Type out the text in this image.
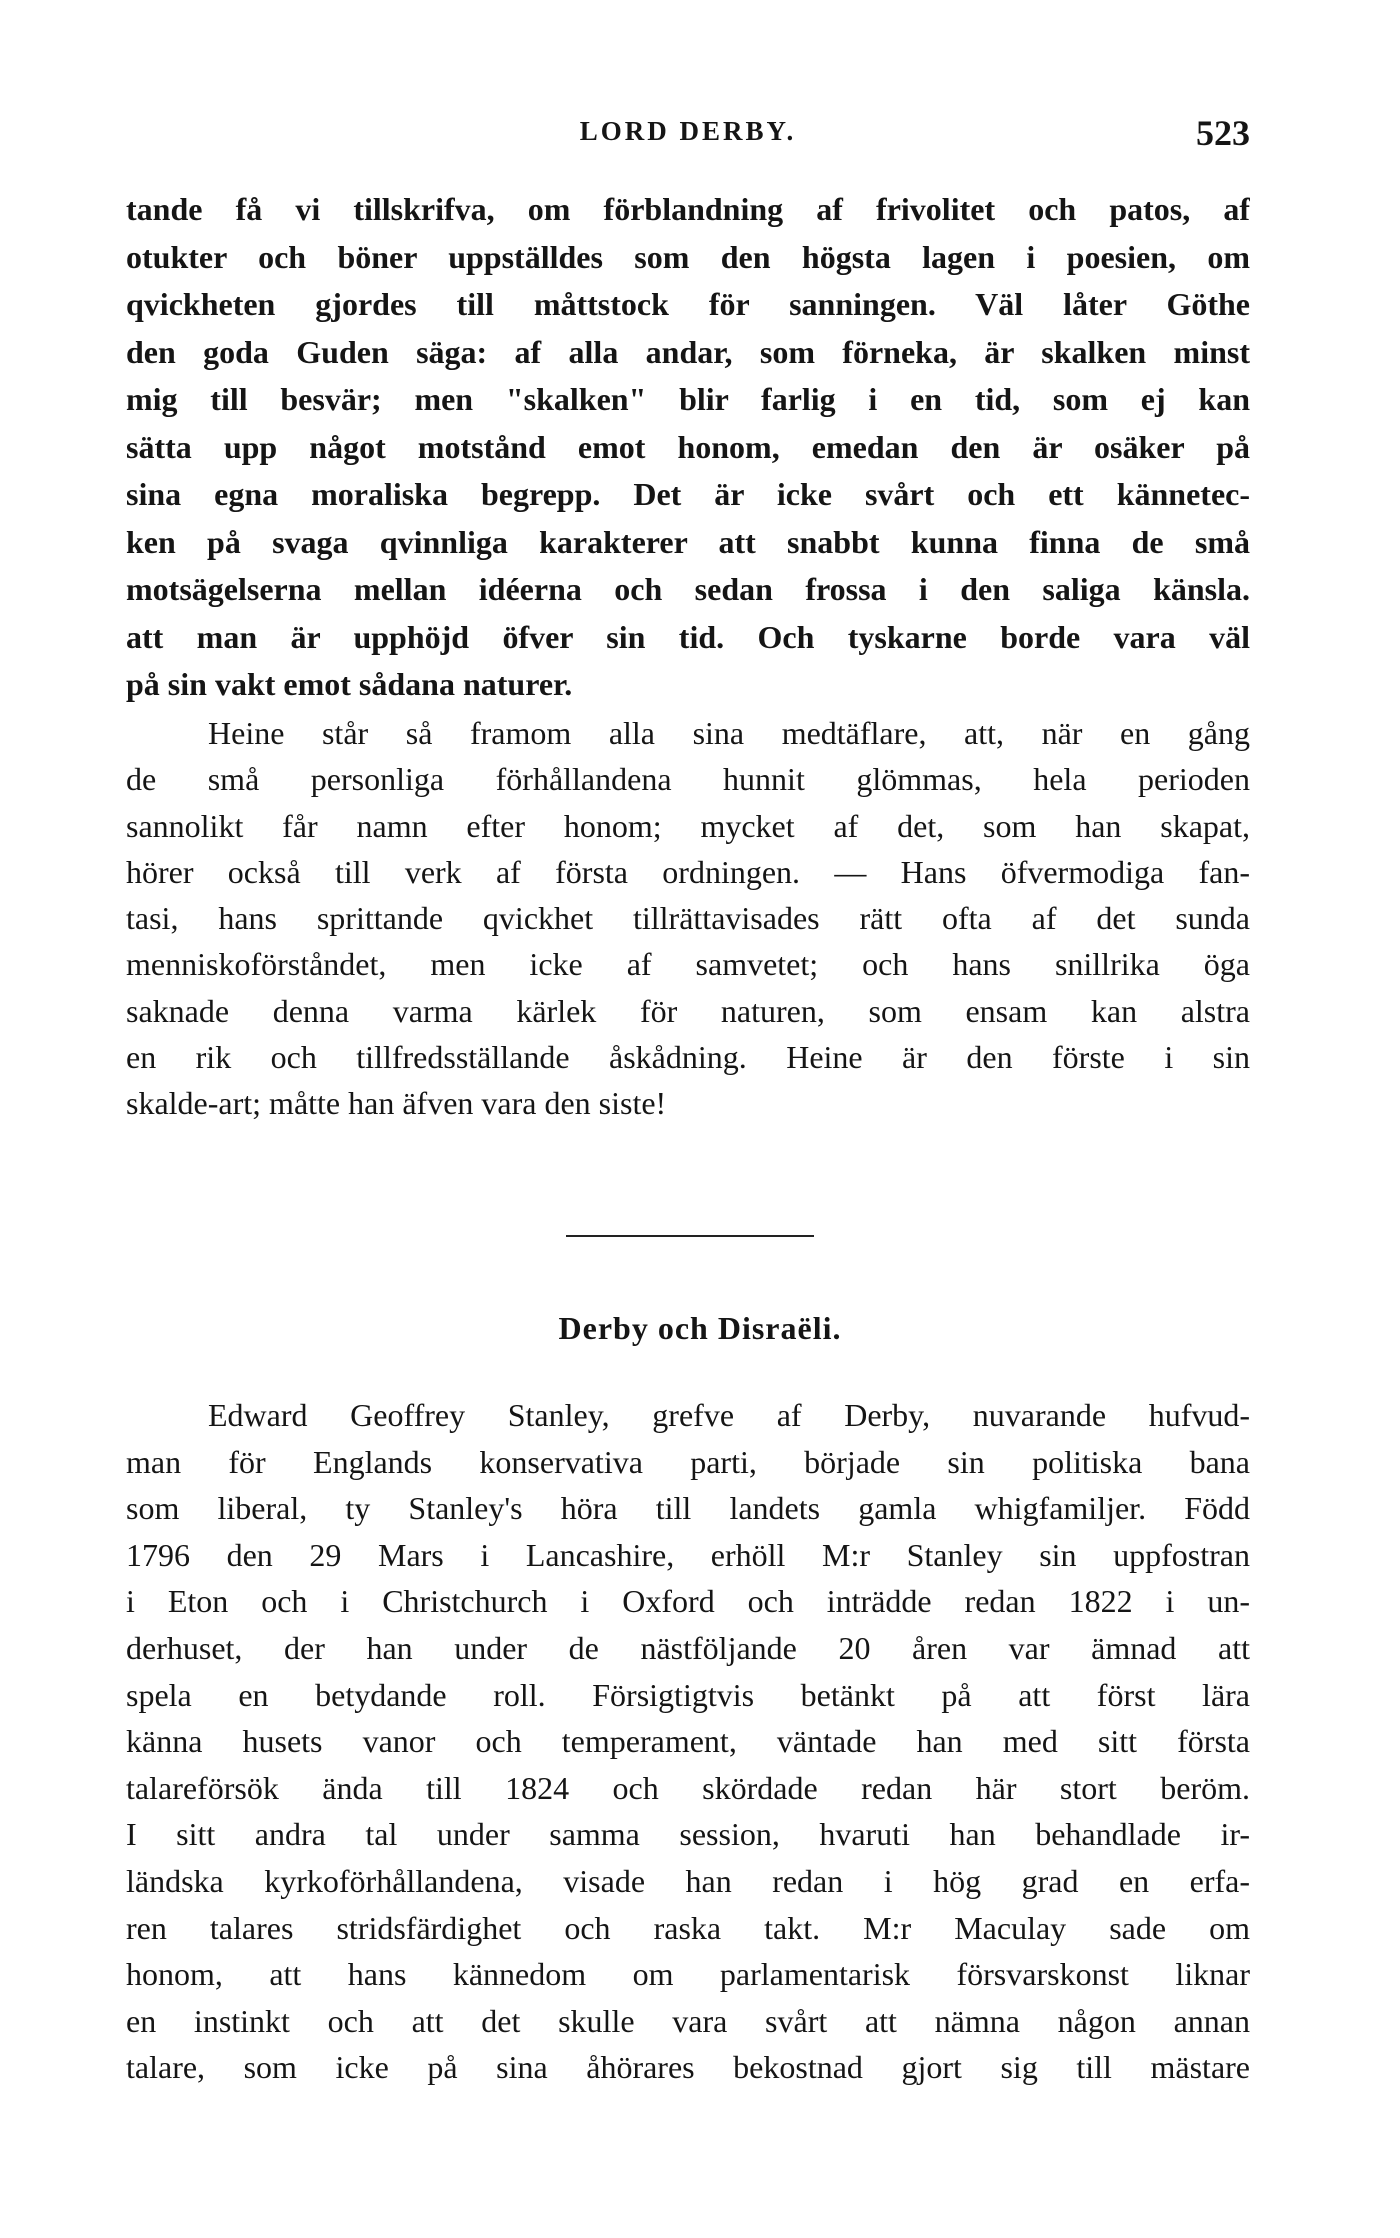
LORD DERBY.	523
tande få vi tillskrifva, om förblandning af frivolitet och patos, af
otukter och böner uppställdes som den högsta lagen i poesien, om
qvickheten gjordes till måttstock för sanningen. Väl låter Göthe
den goda Guden säga: af alla andar, som förneka, är skalken minst
mig till besvär; men "skalken" blir farlig i en tid, som ej kan
sätta upp något motstånd emot honom, emedan den är osäker på
sina egna moraliska begrepp. Det är icke svårt och ett kännetec-
ken på svaga qvinnliga karakterer att snabbt kunna finna de små
motsägelserna mellan idéerna och sedan frossa i den saliga känsla.
att man är upphöjd öfver sin tid. Och tyskarne borde vara väl
på sin vakt emot sådana naturer.
Heine står så framom alla sina medtäflare, att, när en gång
de små personliga förhållandena hunnit glömmas, hela perioden
sannolikt får namn efter honom; mycket af det, som han skapat,
hörer också till verk af första ordningen. — Hans öfvermodiga fan-
tasi, hans sprittande qvickhet tillrättavisades rätt ofta af det sunda
menniskoförståndet, men icke af samvetet; och hans snillrika öga
saknade denna varma kärlek för naturen, som ensam kan alstra
en rik och tillfredsställande åskådning. Heine är den förste i sin
skalde-art; måtte han äfven vara den siste!
Derby och Disraëli.
Edward Geoffrey Stanley, grefve af Derby, nuvarande hufvud-
man för Englands konservativa parti, började sin politiska bana
som liberal, ty Stanley's höra till landets gamla whigfamiljer. Född
1796 den 29 Mars i Lancashire, erhöll M:r Stanley sin uppfostran
i Eton och i Christchurch i Oxford och inträdde redan 1822 i un-
derhuset, der han under de nästföljande 20 åren var ämnad att
spela en betydande roll. Försigtigtvis betänkt på att först lära
känna husets vanor och temperament, väntade han med sitt första
talareförsök ända till 1824 och skördade redan här stort beröm.
I sitt andra tal under samma session, hvaruti han behandlade ir-
ländska kyrkoförhållandena, visade han redan i hög grad en erfa-
ren talares stridsfärdighet och raska takt. M:r Maculay sade om
honom, att hans kännedom om parlamentarisk försvarskonst liknar
en instinkt och att det skulle vara svårt att nämna någon annan
talare, som icke på sina åhörares bekostnad gjort sig till mästare
